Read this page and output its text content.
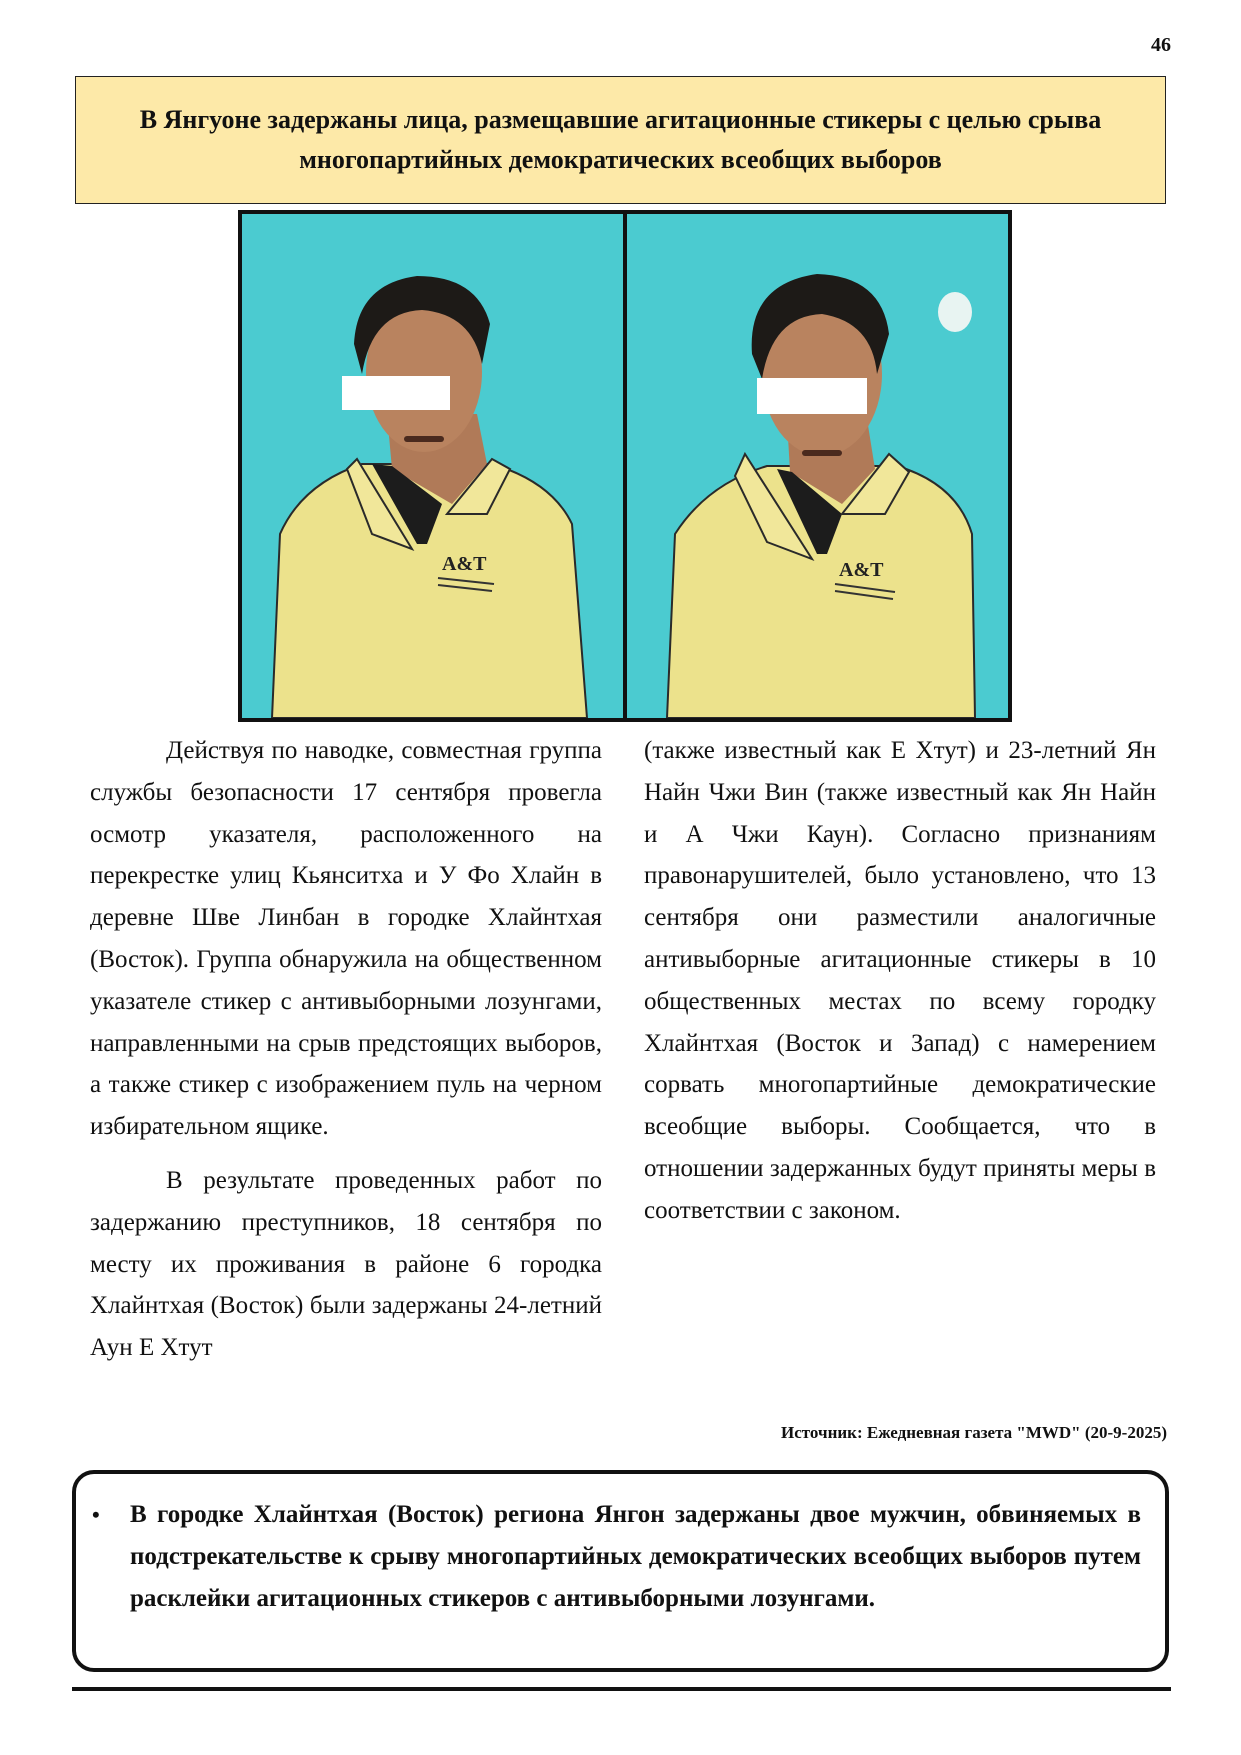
46
В Янгуоне задержаны лица, размещавшие агитационные стикеры с целью срыва многопартийных демократических всеобщих выборов
A&T	A&T

Действуя по наводке, совместная группа службы безопасности 17 сентября провегла осмотр указателя, расположенного на перекрестке улиц Кьянситха и У Фо Хлайн в деревне Шве Линбан в городке Хлайнтхая (Восток). Группа обнаружила на общественном указателе стикер с антивыборными лозунгами, направленными на срыв предстоящих выборов, а также стикер с изображением пуль на черном избирательном ящике.

В результате проведенных работ по задержанию преступников, 18 сентября по месту их проживания в районе 6 городка Хлайнтхая (Восток) были задержаны 24-летний Аун Е Хтут

(также известный как Е Хтут) и 23-летний Ян Найн Чжи Вин (также известный как Ян Найн и А Чжи Каун). Согласно признаниям правонарушителей, было установлено, что 13 сентября они разместили аналогичные антивыборные агитационные стикеры в 10 общественных местах по всему городку Хлайнтхая (Восток и Запад) с намерением сорвать многопартийные демократические всеобщие выборы. Сообщается, что в отношении задержанных будут приняты меры в соответствии с законом.

Источник: Ежедневная газета "MWD" (20-9-2025)
• В городке Хлайнтхая (Восток) региона Янгон задержаны двое мужчин, обвиняемых в подстрекательстве к срыву многопартийных демократических всеобщих выборов путем расклейки агитационных стикеров с антивыборными лозунгами.
